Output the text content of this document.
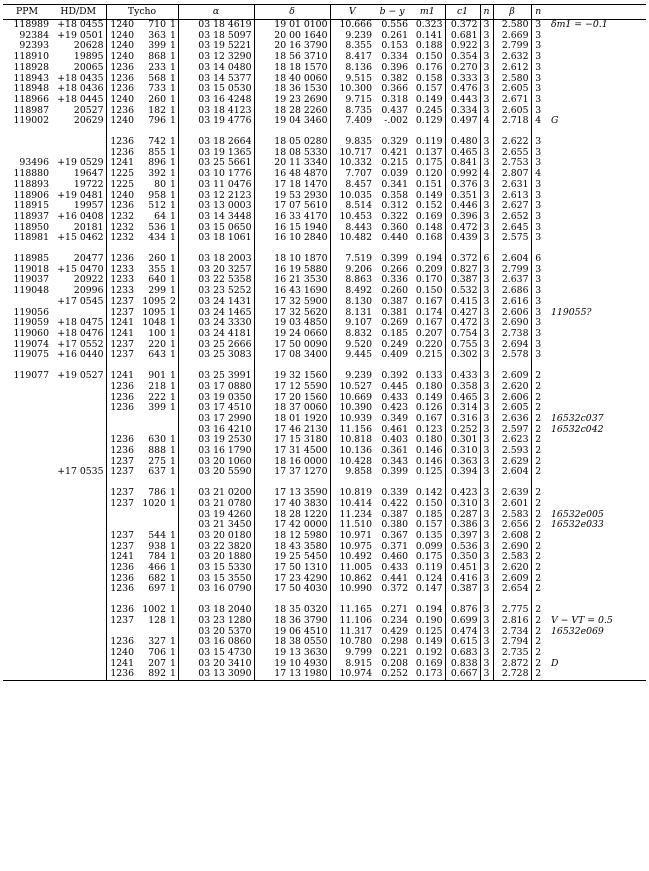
PPM	HD/DM	Tycho			α	δ	V	b − y	m1	c1	n	β	n	
118989	+18 0455	1240	710	1	03 18 4619	19 01 0100	10.666	0.556	0.323	0.372	3	2.580	3	δm1 = −0.1
92384	+19 0501	1240	363	1	03 18 5097	20 00 1640	9.239	0.261	0.141	0.681	3	2.669	3	
92393	20628	1240	399	1	03 19 5221	20 16 3790	8.355	0.153	0.188	0.922	3	2.799	3	
118910	19895	1240	868	1	03 12 3290	18 56 3710	8.417	0.334	0.150	0.354	3	2.632	3	
118928	20065	1236	233	1	03 14 0480	18 18 1570	8.136	0.396	0.176	0.270	3	2.612	3	
118943	+18 0435	1236	568	1	03 14 5377	18 40 0060	9.515	0.382	0.158	0.333	3	2.580	3	
118948	+18 0436	1236	733	1	03 15 0530	18 36 1530	10.300	0.366	0.157	0.476	3	2.605	3	
118966	+18 0445	1240	260	1	03 16 4248	19 23 2690	9.715	0.318	0.149	0.443	3	2.671	3	
118987	20527	1236	182	1	03 18 4123	18 28 2260	8.735	0.437	0.245	0.334	3	2.605	3	
119002	20629	1240	796	1	03 19 4776	19 04 3460	7.409	-.002	0.129	0.497	4	2.718	4	G

		1236	742	1	03 18 2664	18 05 0280	9.835	0.329	0.119	0.480	3	2.622	3	
		1236	855	1	03 19 1365	18 08 5330	10.717	0.421	0.137	0.465	3	2.655	3	
93496	+19 0529	1241	896	1	03 25 5661	20 11 3340	10.332	0.215	0.175	0.841	3	2.753	3	
118880	19647	1225	392	1	03 10 1776	16 48 4870	7.707	0.039	0.120	0.992	4	2.807	4	
118893	19722	1225	80	1	03 11 0476	17 18 1470	8.457	0.341	0.151	0.376	3	2.631	3	
118906	+19 0481	1240	958	1	03 12 2123	19 53 2930	10.035	0.358	0.149	0.351	3	2.613	3	
118915	19957	1236	512	1	03 13 0003	17 07 5610	8.514	0.312	0.152	0.446	3	2.627	3	
118937	+16 0408	1232	64	1	03 14 3448	16 33 4170	10.453	0.322	0.169	0.396	3	2.652	3	
118950	20181	1232	536	1	03 15 0650	16 15 1940	8.443	0.360	0.148	0.472	3	2.645	3	
118981	+15 0462	1232	434	1	03 18 1061	16 10 2840	10.482	0.440	0.168	0.439	3	2.575	3	

118985	20477	1236	260	1	03 18 2003	18 10 1870	7.519	0.399	0.194	0.372	6	2.604	6	
119018	+15 0470	1233	355	1	03 20 3257	16 19 5880	9.206	0.266	0.209	0.827	3	2.799	3	
119037	20922	1233	640	1	03 22 5358	16 21 3530	8.863	0.336	0.170	0.387	3	2.637	3	
119048	20996	1233	299	1	03 23 5252	16 43 1690	8.492	0.260	0.150	0.532	3	2.686	3	
	+17 0545	1237	1095	2	03 24 1431	17 32 5900	8.130	0.387	0.167	0.415	3	2.616	3	
119056		1237	1095	1	03 24 1465	17 32 5620	8.131	0.381	0.174	0.427	3	2.606	3	119055?
119059	+18 0475	1241	1048	1	03 24 3330	19 03 4850	9.107	0.269	0.167	0.472	3	2.690	3	
119060	+18 0476	1241	100	1	03 24 4181	19 24 0660	8.832	0.185	0.207	0.754	3	2.738	3	
119074	+17 0552	1237	220	1	03 25 2666	17 50 0090	9.520	0.249	0.220	0.755	3	2.694	3	
119075	+16 0440	1237	643	1	03 25 3083	17 08 3400	9.445	0.409	0.215	0.302	3	2.578	3	

119077	+19 0527	1241	901	1	03 25 3991	19 32 1560	9.239	0.392	0.133	0.433	3	2.609	2	
		1236	218	1	03 17 0880	17 12 5590	10.527	0.445	0.180	0.358	3	2.620	2	
		1236	222	1	03 19 0350	17 20 1560	10.669	0.433	0.149	0.465	3	2.606	2	
		1236	399	1	03 17 4510	18 37 0060	10.390	0.423	0.126	0.314	3	2.605	2	
					03 17 2990	18 01 1920	10.939	0.349	0.167	0.316	3	2.636	2	16532c037
					03 16 4210	17 46 2130	11.156	0.461	0.123	0.252	3	2.597	2	16532c042
		1236	630	1	03 19 2530	17 15 3180	10.818	0.403	0.180	0.301	3	2.623	2	
		1236	888	1	03 16 1790	17 31 4500	10.136	0.361	0.146	0.310	3	2.593	2	
		1237	275	1	03 20 1060	18 16 0000	10.428	0.343	0.146	0.363	3	2.629	2	
	+17 0535	1237	637	1	03 20 5590	17 37 1270	9.858	0.399	0.125	0.394	3	2.604	2	

		1237	786	1	03 21 0200	17 13 3590	10.819	0.339	0.142	0.423	3	2.639	2	
		1237	1020	1	03 21 0780	17 40 3830	10.414	0.422	0.150	0.310	3	2.601	2	
					03 19 4260	18 28 1220	11.234	0.387	0.185	0.287	3	2.583	2	16532e005
					03 21 3450	17 42 0000	11.510	0.380	0.157	0.386	3	2.656	2	16532e033
		1237	544	1	03 20 0180	18 12 5980	10.971	0.367	0.135	0.397	3	2.608	2	
		1237	938	1	03 22 3820	18 43 3580	10.975	0.371	0.099	0.536	3	2.690	2	
		1241	784	1	03 20 1880	19 25 5450	10.492	0.460	0.175	0.350	3	2.583	2	
		1236	466	1	03 15 5330	17 50 1310	11.005	0.433	0.119	0.451	3	2.620	2	
		1236	682	1	03 15 3550	17 23 4290	10.862	0.441	0.124	0.416	3	2.609	2	
		1236	697	1	03 16 0790	17 50 4030	10.990	0.372	0.147	0.387	3	2.654	2	

		1236	1002	1	03 18 2040	18 35 0320	11.165	0.271	0.194	0.876	3	2.775	2	
		1237	128	1	03 23 1280	18 36 3790	11.106	0.234	0.190	0.699	3	2.816	2	V − VT = 0.5
					03 20 5370	19 06 4510	11.317	0.429	0.125	0.474	3	2.734	2	16532e069
		1236	327	1	03 16 0860	18 38 0550	10.780	0.298	0.149	0.615	3	2.794	2	
		1240	706	1	03 15 4730	19 13 3630	9.799	0.221	0.192	0.683	3	2.735	2	
		1241	207	1	03 20 3410	19 10 4930	8.915	0.208	0.169	0.838	3	2.872	2	D
		1236	892	1	03 13 3090	17 13 1980	10.974	0.252	0.173	0.667	3	2.728	2	
